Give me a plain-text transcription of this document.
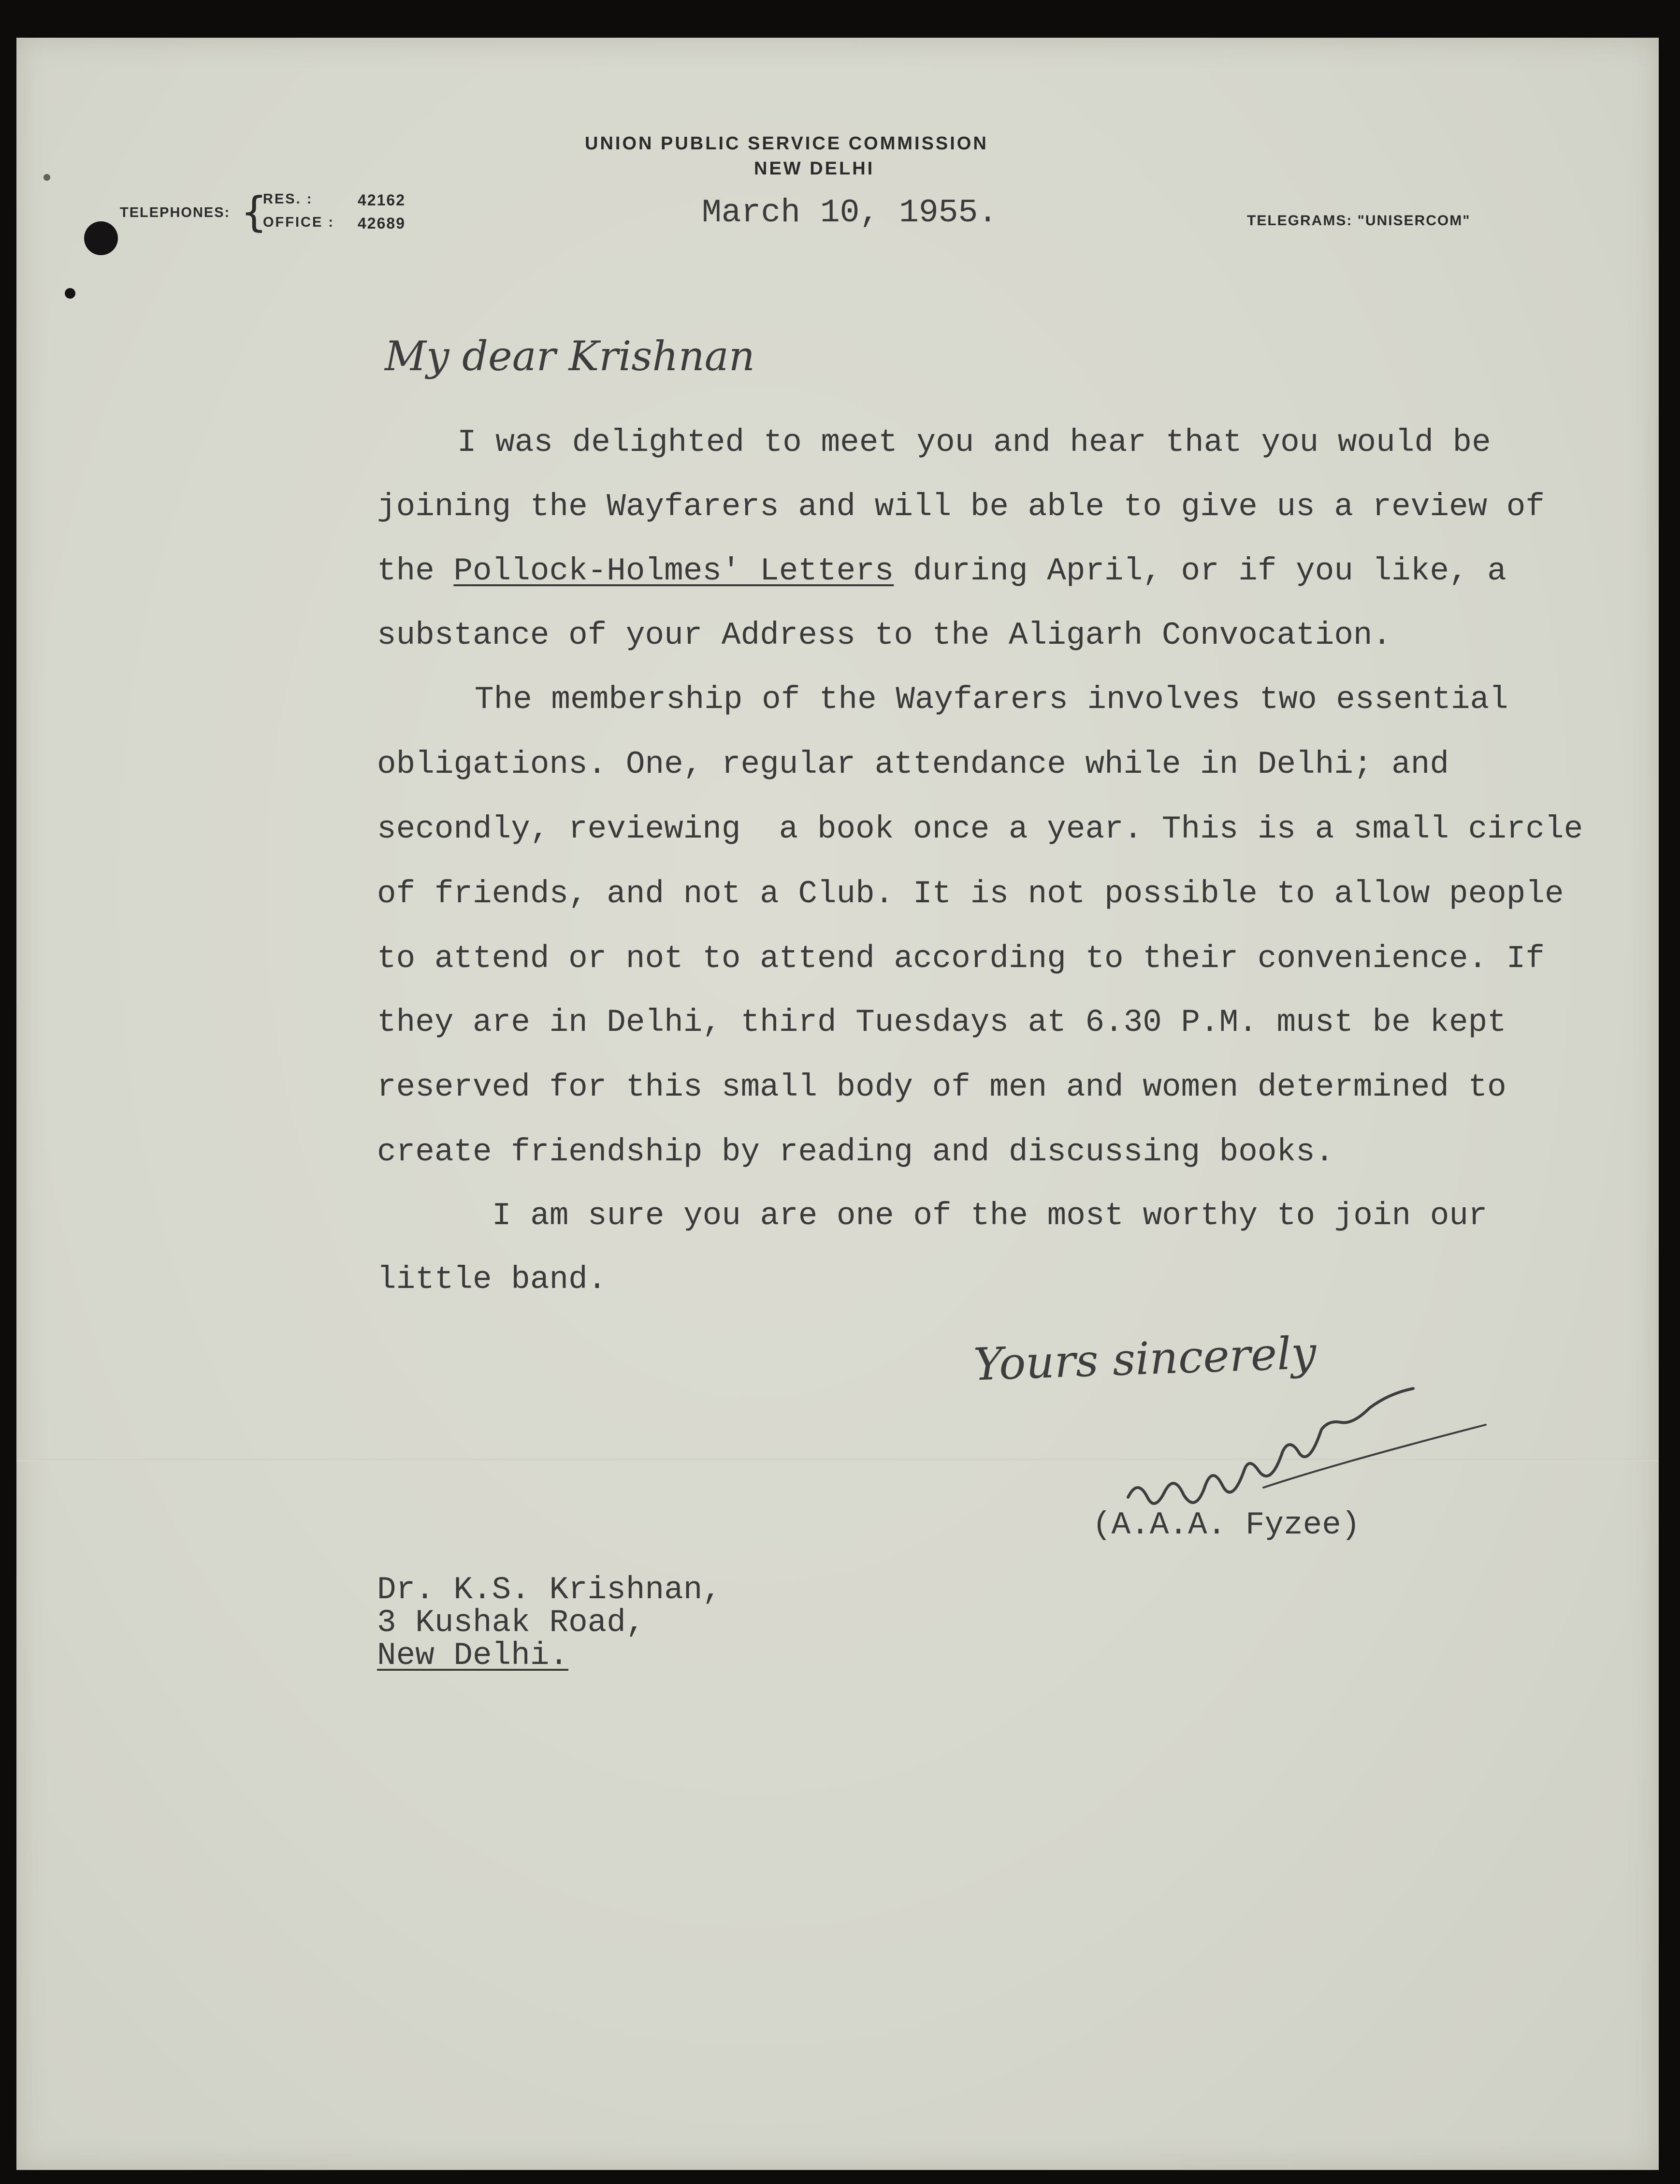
UNION PUBLIC SERVICE COMMISSION
NEW DELHI
TELEPHONES: {
RES. :	42162
OFFICE : 42689	TELEGRAMS: "UNISERCOM"
March 10, 1955.
My dear Krishnan
I was delighted to meet you and hear that you would be
joining the Wayfarers and will be able to give us a review of
the Pollock-Holmes' Letters during April, or if you like, a
substance of your Address to the Aligarh Convocation.
The membership of the Wayfarers involves two essential
obligations. One, regular attendance while in Delhi; and
secondly, reviewing  a book once a year. This is a small circle
of friends, and not a Club. It is not possible to allow people
to attend or not to attend according to their convenience. If
they are in Delhi, third Tuesdays at 6.30 P.M. must be kept
reserved for this small body of men and women determined to
create friendship by reading and discussing books.
I am sure you are one of the most worthy to join our
little band.
Yours sincerely
(A.A.A. Fyzee)
Dr. K.S. Krishnan,
3 Kushak Road,
New Delhi.
